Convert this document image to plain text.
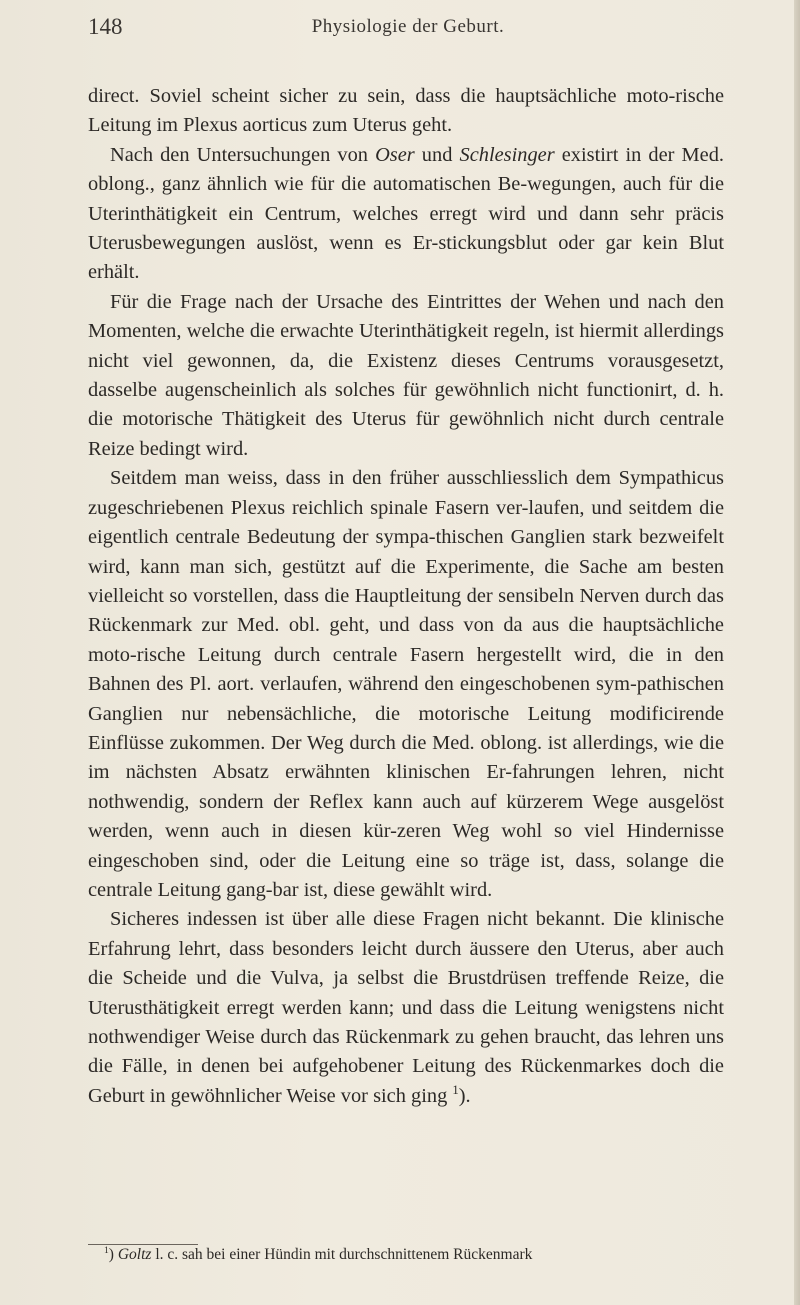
148	Physiologie der Geburt.

direct. Soviel scheint sicher zu sein, dass die hauptsächliche moto-rische Leitung im Plexus aorticus zum Uterus geht.

Nach den Untersuchungen von Oser und Schlesinger existirt in der Med. oblong., ganz ähnlich wie für die automatischen Be-wegungen, auch für die Uterinthätigkeit ein Centrum, welches erregt wird und dann sehr präcis Uterusbewegungen auslöst, wenn es Er-stickungsblut oder gar kein Blut erhält.

Für die Frage nach der Ursache des Eintrittes der Wehen und nach den Momenten, welche die erwachte Uterinthätigkeit regeln, ist hiermit allerdings nicht viel gewonnen, da, die Existenz dieses Centrums vorausgesetzt, dasselbe augenscheinlich als solches für gewöhnlich nicht functionirt, d. h. die motorische Thätigkeit des Uterus für gewöhnlich nicht durch centrale Reize bedingt wird.

Seitdem man weiss, dass in den früher ausschliesslich dem Sympathicus zugeschriebenen Plexus reichlich spinale Fasern ver-laufen, und seitdem die eigentlich centrale Bedeutung der sympa-thischen Ganglien stark bezweifelt wird, kann man sich, gestützt auf die Experimente, die Sache am besten vielleicht so vorstellen, dass die Hauptleitung der sensibeln Nerven durch das Rückenmark zur Med. obl. geht, und dass von da aus die hauptsächliche moto-rische Leitung durch centrale Fasern hergestellt wird, die in den Bahnen des Pl. aort. verlaufen, während den eingeschobenen sym-pathischen Ganglien nur nebensächliche, die motorische Leitung modificirende Einflüsse zukommen. Der Weg durch die Med. oblong. ist allerdings, wie die im nächsten Absatz erwähnten klinischen Er-fahrungen lehren, nicht nothwendig, sondern der Reflex kann auch auf kürzerem Wege ausgelöst werden, wenn auch in diesen kür-zeren Weg wohl so viel Hindernisse eingeschoben sind, oder die Leitung eine so träge ist, dass, solange die centrale Leitung gang-bar ist, diese gewählt wird.

Sicheres indessen ist über alle diese Fragen nicht bekannt. Die klinische Erfahrung lehrt, dass besonders leicht durch äussere den Uterus, aber auch die Scheide und die Vulva, ja selbst die Brustdrüsen treffende Reize, die Uterusthätigkeit erregt werden kann; und dass die Leitung wenigstens nicht nothwendiger Weise durch das Rückenmark zu gehen braucht, das lehren uns die Fälle, in denen bei aufgehobener Leitung des Rückenmarkes doch die Geburt in gewöhnlicher Weise vor sich ging $^1$).

$^1$) Goltz l. c. sah bei einer Hündin mit durchschnittenem Rückenmark
